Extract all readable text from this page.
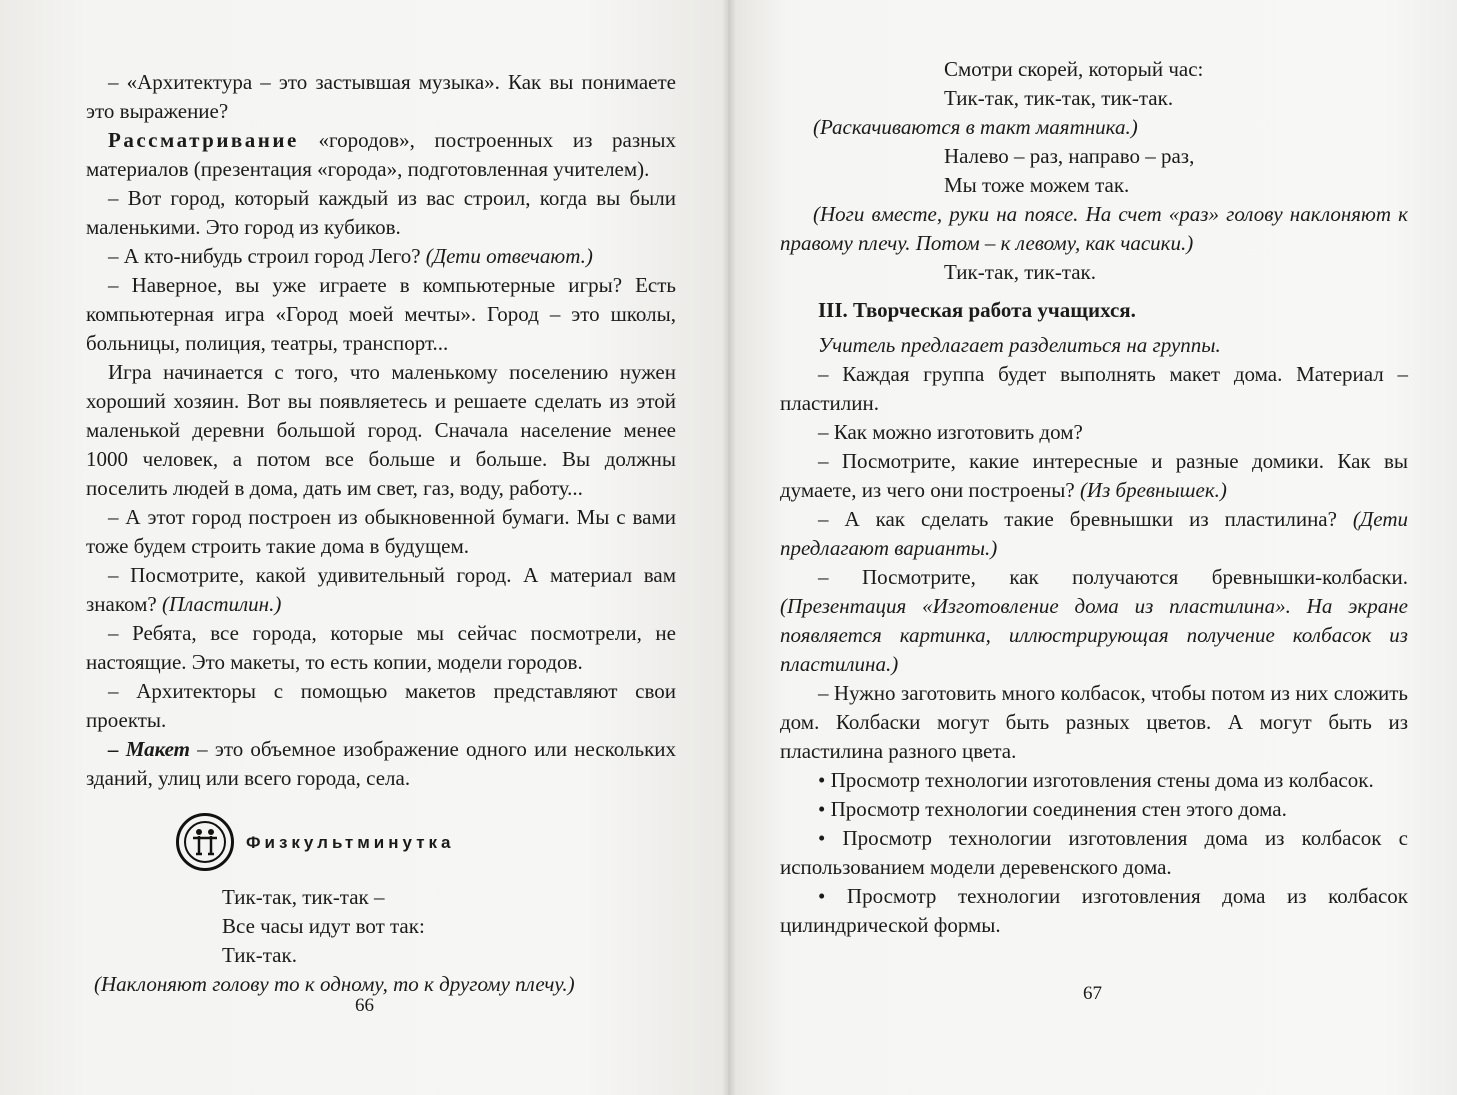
– «Архитектура – это застывшая музыка». Как вы понимаете это выражение?

Рассматривание «городов», построенных из разных материалов (презентация «города», подготовленная учителем).

– Вот город, который каждый из вас строил, когда вы были маленькими. Это город из кубиков.

– А кто-нибудь строил город Лего? (Дети отвечают.)

– Наверное, вы уже играете в компьютерные игры? Есть компьютерная игра «Город моей мечты». Город – это школы, больницы, полиция, театры, транспорт...

Игра начинается с того, что маленькому поселению нужен хороший хозяин. Вот вы появляетесь и решаете сделать из этой маленькой деревни большой город. Сначала население менее 1000 человек, а потом все больше и больше. Вы должны поселить людей в дома, дать им свет, газ, воду, работу...

– А этот город построен из обыкновенной бумаги. Мы с вами тоже будем строить такие дома в будущем.

– Посмотрите, какой удивительный город. А материал вам знаком? (Пластилин.)

– Ребята, все города, которые мы сейчас посмотрели, не настоящие. Это макеты, то есть копии, модели городов.

– Архитекторы с помощью макетов представляют свои проекты.

– Макет – это объемное изображение одного или нескольких зданий, улиц или всего города, села.

Физкультминутка

Тик-так, тик-так –

Все часы идут вот так:

Тик-так.

(Наклоняют голову то к одному, то к другому плечу.)

66

Смотри скорей, который час:

Тик-так, тик-так, тик-так.

(Раскачиваются в такт маятника.)

Налево – раз, направо – раз,

Мы тоже можем так.

(Ноги вместе, руки на поясе. На счет «раз» голову наклоняют к правому плечу. Потом – к левому, как часики.)

Тик-так, тик-так.

III. Творческая работа учащихся.

Учитель предлагает разделиться на группы.

– Каждая группа будет выполнять макет дома. Материал – пластилин.

– Как можно изготовить дом?

– Посмотрите, какие интересные и разные домики. Как вы думаете, из чего они построены? (Из бревнышек.)

– А как сделать такие бревнышки из пластилина? (Дети предлагают варианты.)

– Посмотрите, как получаются бревнышки-колбаски. (Презентация «Изготовление дома из пластилина». На экране появляется картинка, иллюстрирующая получение колбасок из пластилина.)

– Нужно заготовить много колбасок, чтобы потом из них сложить дом. Колбаски могут быть разных цветов. А могут быть из пластилина разного цвета.

• Просмотр технологии изготовления стены дома из колбасок.

• Просмотр технологии соединения стен этого дома.

• Просмотр технологии изготовления дома из колбасок с использованием модели деревенского дома.

• Просмотр технологии изготовления дома из колбасок цилиндрической формы.

67
